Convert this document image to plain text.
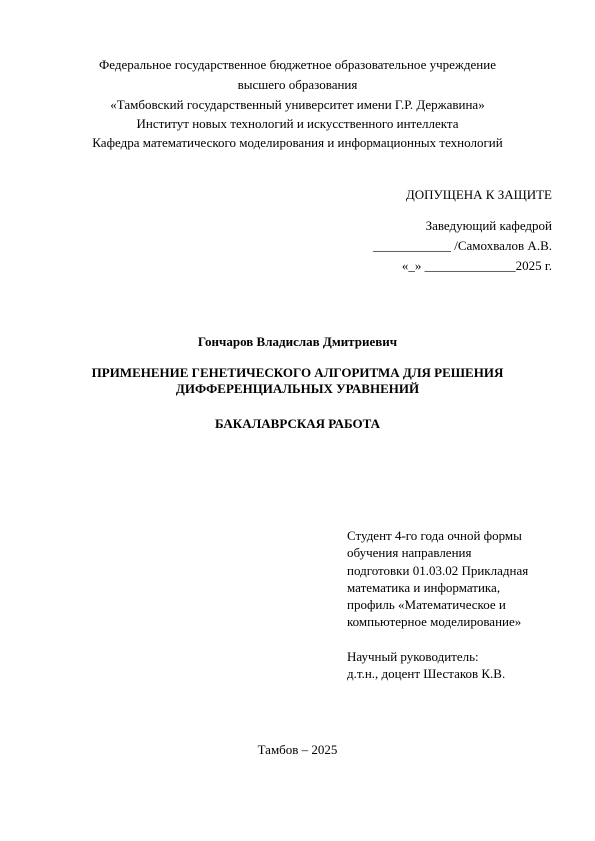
Федеральное государственное бюджетное образовательное учреждение
высшего образования
«Тамбовский государственный университет имени Г.Р. Державина»
Институт новых технологий и искусственного интеллекта
Кафедра математического моделирования и информационных технологий
ДОПУЩЕНА К ЗАЩИТЕ
Заведующий кафедрой
____________ /Самохвалов А.В.
«_» ______________2025 г.
Гончаров Владислав Дмитриевич
ПРИМЕНЕНИЕ ГЕНЕТИЧЕСКОГО АЛГОРИТМА ДЛЯ РЕШЕНИЯ
ДИФФЕРЕНЦИАЛЬНЫХ УРАВНЕНИЙ
БАКАЛАВРСКАЯ РАБОТА
Студент 4-го года очной формы
обучения направления
подготовки 01.03.02 Прикладная
математика и информатика,
профиль «Математическое и
компьютерное моделирование»
Научный руководитель:
д.т.н., доцент Шестаков К.В.
Тамбов – 2025
